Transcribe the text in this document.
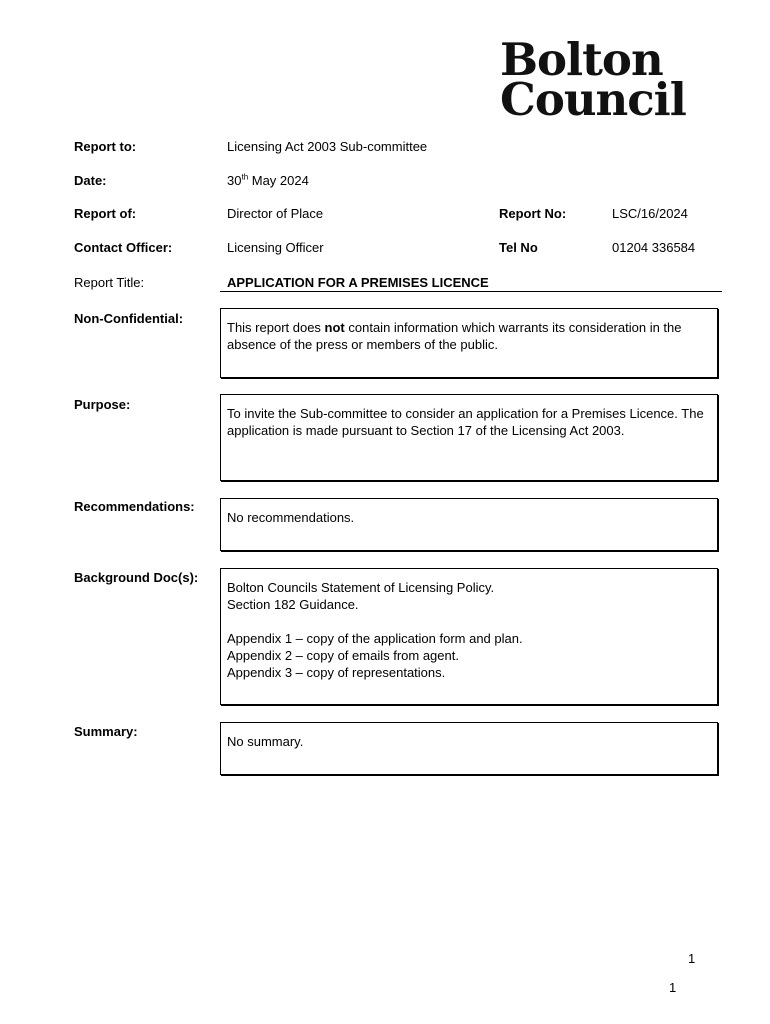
Bolton
Council
Report to:	Licensing Act 2003 Sub-committee
Date:	30th May 2024
Report of:	Director of Place	Report No:	LSC/16/2024
Contact Officer:	Licensing Officer	Tel No	01204 336584
Report Title:	APPLICATION FOR A PREMISES LICENCE
Non-Confidential:

This report does not contain information which warrants its consideration in the absence of the press or members of the public.

Purpose:

To invite the Sub-committee to consider an application for a Premises Licence. The application is made pursuant to Section 17 of the Licensing Act 2003.

Recommendations:

No recommendations.

Background Doc(s):

Bolton Councils Statement of Licensing Policy.

Section 182 Guidance.

Appendix 1 – copy of the application form and plan.

Appendix 2 – copy of emails from agent.

Appendix 3 – copy of representations.

Summary:

No summary.

1
1
